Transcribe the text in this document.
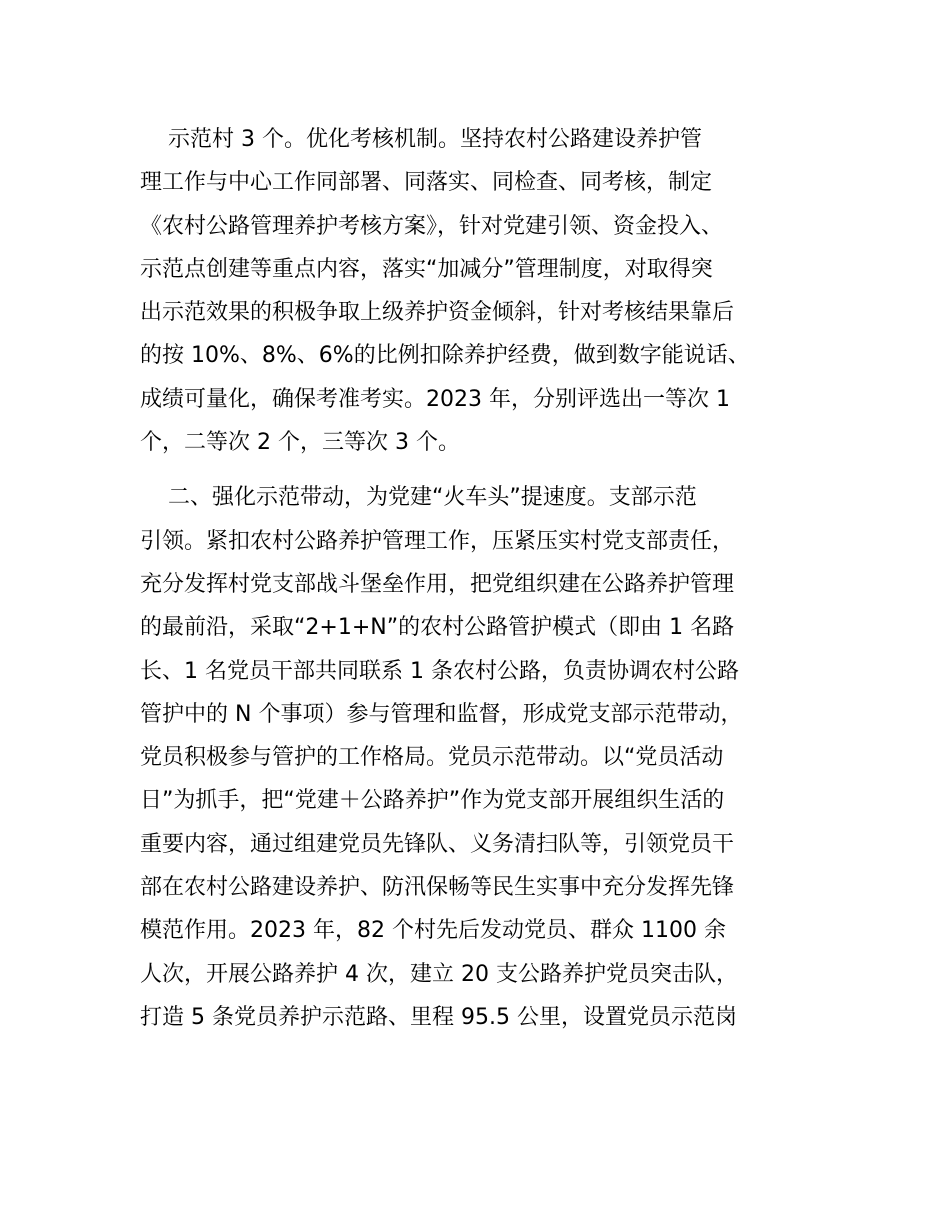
示范村 3 个。优化考核机制。坚持农村公路建设养护管
理工作与中心工作同部署、同落实、同检查、同考核，制定
《农村公路管理养护考核方案》，针对党建引领、资金投入、
示范点创建等重点内容，落实“加减分”管理制度，对取得突
出示范效果的积极争取上级养护资金倾斜，针对考核结果靠后
的按 10%、8%、6%的比例扣除养护经费，做到数字能说话、
成绩可量化，确保考准考实。2023 年，分别评选出一等次 1
个，二等次 2 个，三等次 3 个。
二、强化示范带动，为党建“火车头”提速度。支部示范
引领。紧扣农村公路养护管理工作，压紧压实村党支部责任，
充分发挥村党支部战斗堡垒作用，把党组织建在公路养护管理
的最前沿，采取“2+1+N”的农村公路管护模式（即由 1 名路
长、1 名党员干部共同联系 1 条农村公路，负责协调农村公路
管护中的 N 个事项）参与管理和监督，形成党支部示范带动，
党员积极参与管护的工作格局。党员示范带动。以“党员活动
日”为抓手，把“党建＋公路养护”作为党支部开展组织生活的
重要内容，通过组建党员先锋队、义务清扫队等，引领党员干
部在农村公路建设养护、防汛保畅等民生实事中充分发挥先锋
模范作用。2023 年，82 个村先后发动党员、群众 1100 余
人次，开展公路养护 4 次，建立 20 支公路养护党员突击队，
打造 5 条党员养护示范路、里程 95.5 公里，设置党员示范岗
